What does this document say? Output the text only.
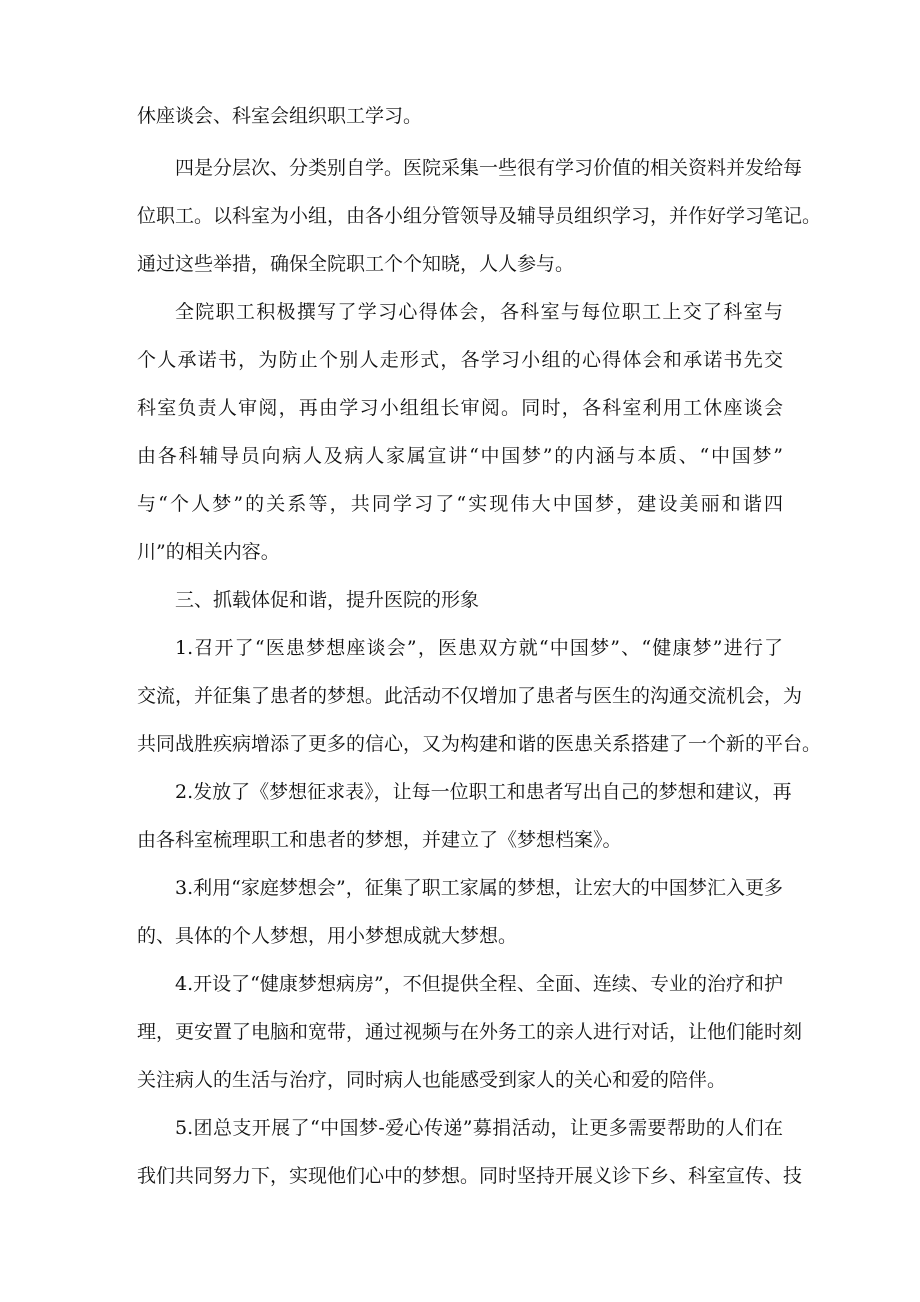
休座谈会、科室会组织职工学习。
四是分层次、分类别自学。医院采集一些很有学习价值的相关资料并发给每
位职工。以科室为小组，由各小组分管领导及辅导员组织学习，并作好学习笔记。
通过这些举措，确保全院职工个个知晓，人人参与。
全院职工积极撰写了学习心得体会，各科室与每位职工上交了科室与
个人承诺书，为防止个别人走形式，各学习小组的心得体会和承诺书先交
科室负责人审阅，再由学习小组组长审阅。同时，各科室利用工休座谈会
由各科辅导员向病人及病人家属宣讲“中国梦”的内涵与本质、“中国梦”
与“个人梦”的关系等，共同学习了“实现伟大中国梦，建设美丽和谐四
川”的相关内容。
三、抓载体促和谐，提升医院的形象
1.召开了“医患梦想座谈会”，医患双方就“中国梦”、“健康梦”进行了
交流，并征集了患者的梦想。此活动不仅增加了患者与医生的沟通交流机会，为
共同战胜疾病增添了更多的信心，又为构建和谐的医患关系搭建了一个新的平台。
2.发放了《梦想征求表》，让每一位职工和患者写出自己的梦想和建议，再
由各科室梳理职工和患者的梦想，并建立了《梦想档案》。
3.利用“家庭梦想会”，征集了职工家属的梦想，让宏大的中国梦汇入更多
的、具体的个人梦想，用小梦想成就大梦想。
4.开设了“健康梦想病房”，不但提供全程、全面、连续、专业的治疗和护
理，更安置了电脑和宽带，通过视频与在外务工的亲人进行对话，让他们能时刻
关注病人的生活与治疗，同时病人也能感受到家人的关心和爱的陪伴。
5.团总支开展了“中国梦-爱心传递”募捐活动，让更多需要帮助的人们在
我们共同努力下，实现他们心中的梦想。同时坚持开展义诊下乡、科室宣传、技
